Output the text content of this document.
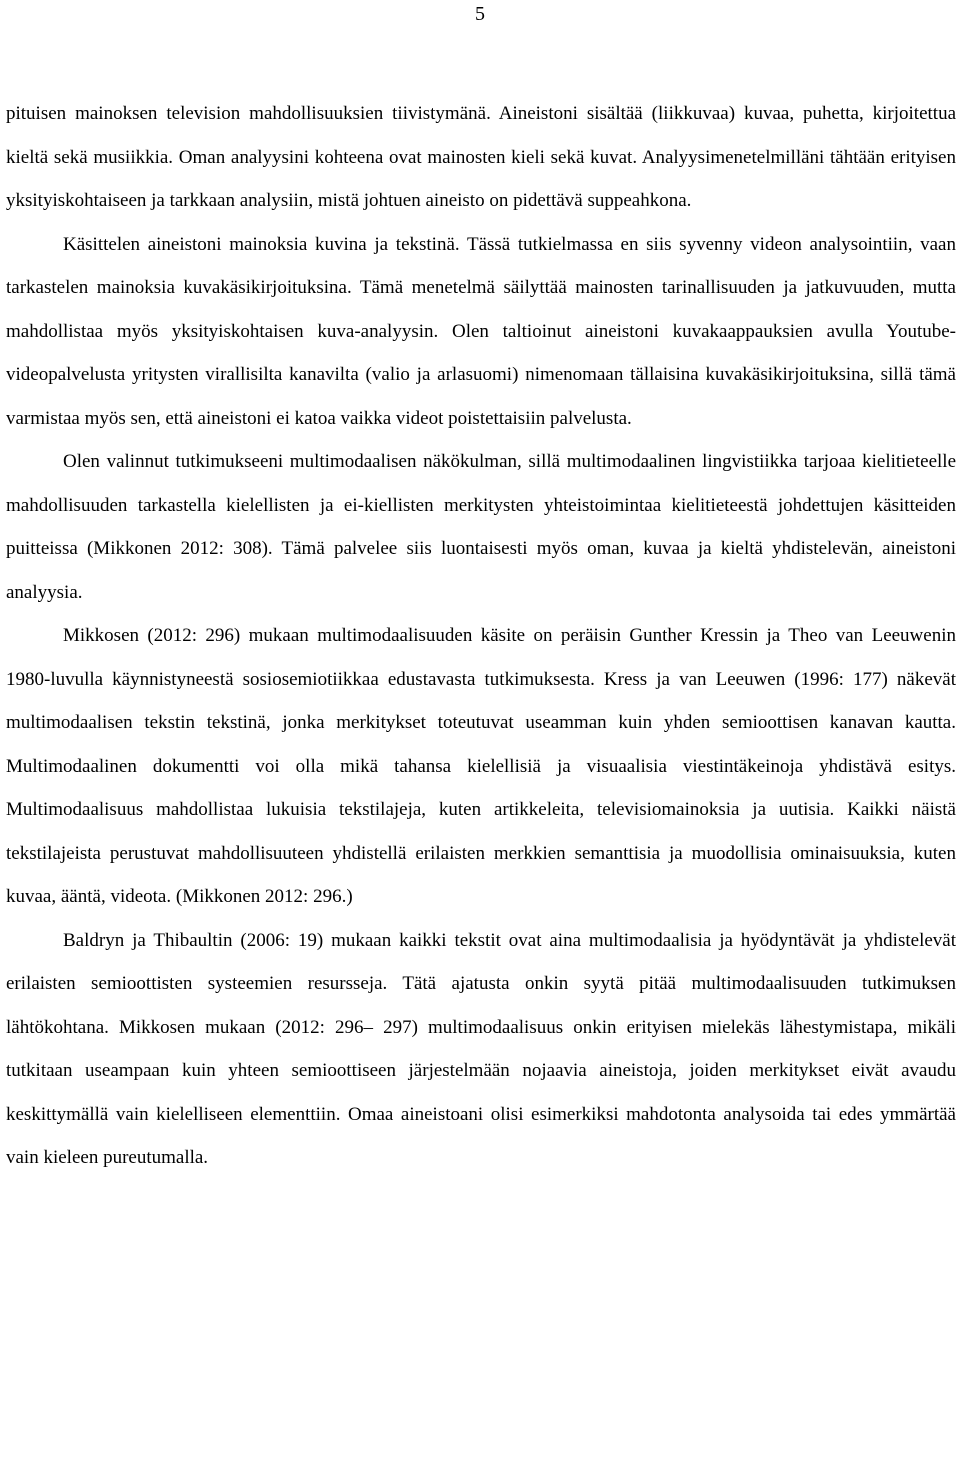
5

pituisen mainoksen television mahdollisuuksien tiivistymänä. Aineistoni sisältää (liikkuvaa) kuvaa, puhetta, kirjoitettua kieltä sekä musiikkia. Oman analyysini kohteena ovat mainosten kieli sekä kuvat. Analyysimenetelmilläni tähtään erityisen yksityiskohtaiseen ja tarkkaan analysiin, mistä johtuen aineisto on pidettävä suppeahkona.

Käsittelen aineistoni mainoksia kuvina ja tekstinä. Tässä tutkielmassa en siis syvenny videon analysointiin, vaan tarkastelen mainoksia kuvakäsikirjoituksina. Tämä menetelmä säilyttää mainosten tarinallisuuden ja jatkuvuuden, mutta mahdollistaa myös yksityiskohtaisen kuva-analyysin. Olen taltioinut aineistoni kuvakaappauksien avulla Youtube-videopalvelusta yritysten virallisilta kanavilta (valio ja arlasuomi) nimenomaan tällaisina kuvakäsikirjoituksina, sillä tämä varmistaa myös sen, että aineistoni ei katoa vaikka videot poistettaisiin palvelusta.

Olen valinnut tutkimukseeni multimodaalisen näkökulman, sillä multimodaalinen lingvistiikka tarjoaa kielitieteelle mahdollisuuden tarkastella kielellisten ja ei-kiellisten merkitysten yhteistoimintaa kielitieteestä johdettujen käsitteiden puitteissa (Mikkonen 2012: 308). Tämä palvelee siis luontaisesti myös oman, kuvaa ja kieltä yhdistelevän, aineistoni analyysia.

Mikkosen (2012: 296) mukaan multimodaalisuuden käsite on peräisin Gunther Kressin ja Theo van Leeuwenin 1980-luvulla käynnistyneestä sosiosemiotiikkaa edustavasta tutkimuksesta. Kress ja van Leeuwen (1996: 177) näkevät multimodaalisen tekstin tekstinä, jonka merkitykset toteutuvat useamman kuin yhden semioottisen kanavan kautta. Multimodaalinen dokumentti voi olla mikä tahansa kielellisiä ja visuaalisia viestintäkeinoja yhdistävä esitys. Multimodaalisuus mahdollistaa lukuisia tekstilajeja, kuten artikkeleita, televisiomainoksia ja uutisia. Kaikki näistä tekstilajeista perustuvat mahdollisuuteen yhdistellä erilaisten merkkien semanttisia ja muodollisia ominaisuuksia, kuten kuvaa, ääntä, videota. (Mikkonen 2012: 296.)

Baldryn ja Thibaultin (2006: 19) mukaan kaikki tekstit ovat aina multimodaalisia ja hyödyntävät ja yhdistelevät erilaisten semioottisten systeemien resursseja. Tätä ajatusta onkin syytä pitää multimodaalisuuden tutkimuksen lähtökohtana. Mikkosen mukaan (2012: 296– 297) multimodaalisuus onkin erityisen mielekäs lähestymistapa, mikäli tutkitaan useampaan kuin yhteen semioottiseen järjestelmään nojaavia aineistoja, joiden merkitykset eivät avaudu keskittymällä vain kielelliseen elementtiin. Omaa aineistoani olisi esimerkiksi mahdotonta analysoida tai edes ymmärtää vain kieleen pureutumalla.
